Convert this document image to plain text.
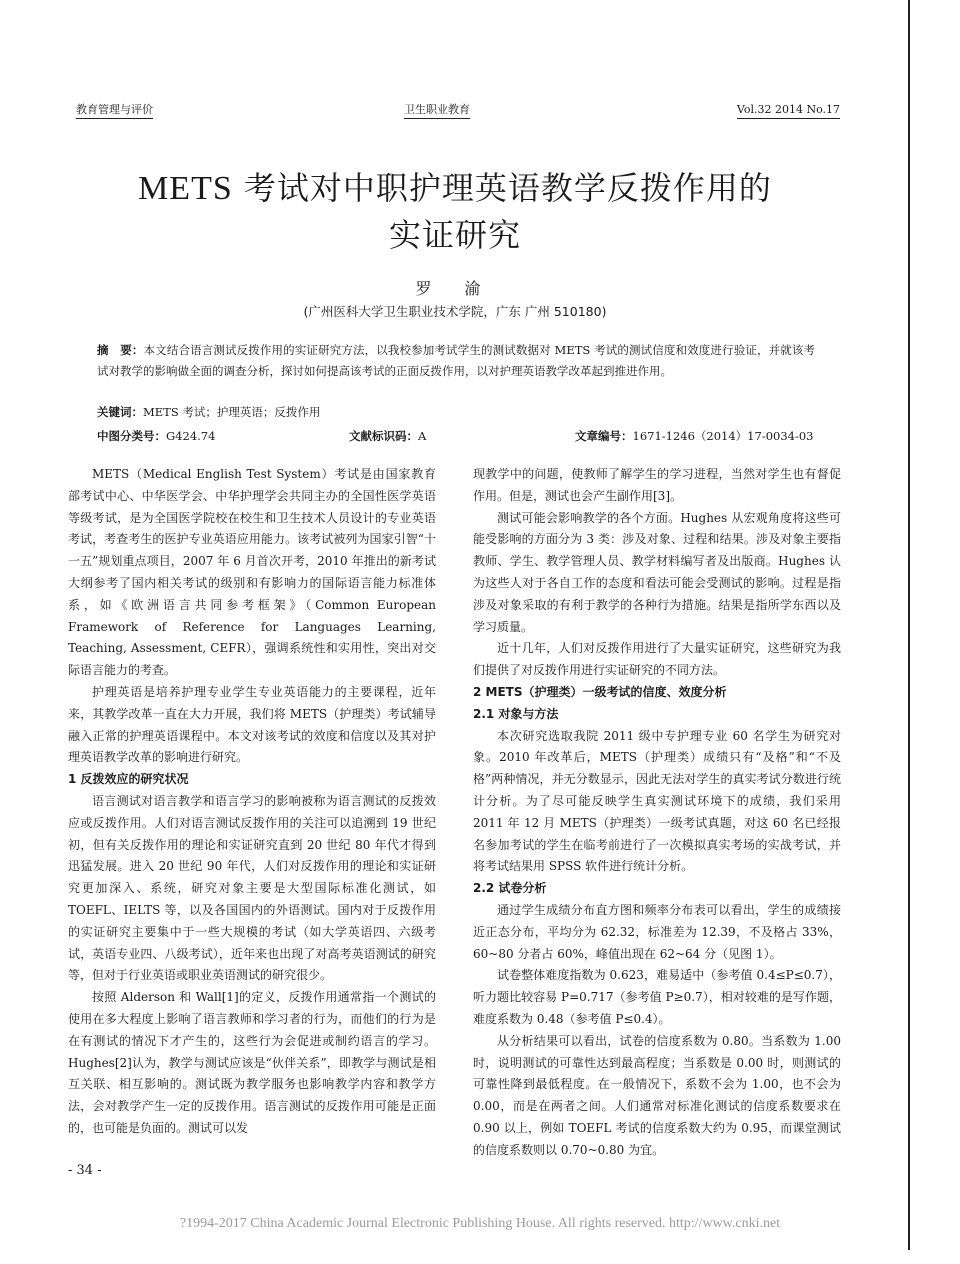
教育管理与评价	卫生职业教育	Vol.32 2014 No.17
METS 考试对中职护理英语教学反拨作用的
实证研究
罗 渝
(广州医科大学卫生职业技术学院，广东 广州 510180)
摘　要：本文结合语言测试反拨作用的实证研究方法，以我校参加考试学生的测试数据对 METS 考试的测试信度和效度进行验证，并就该考试对教学的影响做全面的调查分析，探讨如何提高该考试的正面反拨作用，以对护理英语教学改革起到推进作用。
关键词：METS 考试；护理英语；反拨作用
中图分类号：G424.74	文献标识码：A	文章编号：1671-1246（2014）17-0034-03

METS（Medical English Test System）考试是由国家教育部考试中心、中华医学会、中华护理学会共同主办的全国性医学英语等级考试，是为全国医学院校在校生和卫生技术人员设计的专业英语考试，考查考生的医护专业英语应用能力。该考试被列为国家引智“十一五”规划重点项目，2007 年 6 月首次开考，2010 年推出的新考试大纲参考了国内相关考试的级别和有影响力的国际语言能力标准体系，如《欧洲语言共同参考框架》（Common European Framework of Reference for Languages Learning, Teaching, Assessment, CEFR），强调系统性和实用性，突出对交际语言能力的考查。

护理英语是培养护理专业学生专业英语能力的主要课程，近年来，其教学改革一直在大力开展，我们将 METS（护理类）考试辅导融入正常的护理英语课程中。本文对该考试的效度和信度以及其对护理英语教学改革的影响进行研究。

1 反拨效应的研究状况

语言测试对语言教学和语言学习的影响被称为语言测试的反拨效应或反拨作用。人们对语言测试反拨作用的关注可以追溯到 19 世纪初，但有关反拨作用的理论和实证研究直到 20 世纪 80 年代才得到迅猛发展。进入 20 世纪 90 年代，人们对反拨作用的理论和实证研究更加深入、系统，研究对象主要是大型国际标准化测试，如 TOEFL、IELTS 等，以及各国国内的外语测试。国内对于反拨作用的实证研究主要集中于一些大规模的考试（如大学英语四、六级考试，英语专业四、八级考试），近年来也出现了对高考英语测试的研究等，但对于行业英语或职业英语测试的研究很少。

按照 Alderson 和 Wall[1]的定义，反拨作用通常指一个测试的使用在多大程度上影响了语言教师和学习者的行为，而他们的行为是在有测试的情况下才产生的，这些行为会促进或制约语言的学习。Hughes[2]认为，教学与测试应该是“伙伴关系”，即教学与测试是相互关联、相互影响的。测试既为教学服务也影响教学内容和教学方法，会对教学产生一定的反拨作用。语言测试的反拨作用可能是正面的，也可能是负面的。测试可以发

现教学中的问题，使教师了解学生的学习进程，当然对学生也有督促作用。但是，测试也会产生副作用[3]。

测试可能会影响教学的各个方面。Hughes 从宏观角度将这些可能受影响的方面分为 3 类：涉及对象、过程和结果。涉及对象主要指教师、学生、教学管理人员、教学材料编写者及出版商。Hughes 认为这些人对于各自工作的态度和看法可能会受测试的影响。过程是指涉及对象采取的有利于教学的各种行为措施。结果是指所学东西以及学习质量。

近十几年，人们对反拨作用进行了大量实证研究，这些研究为我们提供了对反拨作用进行实证研究的不同方法。

2 METS（护理类）一级考试的信度、效度分析

2.1 对象与方法

本次研究选取我院 2011 级中专护理专业 60 名学生为研究对象。2010 年改革后，METS（护理类）成绩只有“及格”和“不及格”两种情况，并无分数显示，因此无法对学生的真实考试分数进行统计分析。为了尽可能反映学生真实测试环境下的成绩，我们采用 2011 年 12 月 METS（护理类）一级考试真题，对这 60 名已经报名参加考试的学生在临考前进行了一次模拟真实考场的实战考试，并将考试结果用 SPSS 软件进行统计分析。

2.2 试卷分析

通过学生成绩分布直方图和频率分布表可以看出，学生的成绩接近正态分布，平均分为 62.32，标准差为 12.39，不及格占 33%，60~80 分者占 60%，峰值出现在 62~64 分（见图 1）。

试卷整体难度指数为 0.623，难易适中（参考值 0.4≤P≤0.7），听力题比较容易 P=0.717（参考值 P≥0.7），相对较难的是写作题，难度系数为 0.48（参考值 P≤0.4）。

从分析结果可以看出，试卷的信度系数为 0.80。当系数为 1.00 时，说明测试的可靠性达到最高程度；当系数是 0.00 时，则测试的可靠性降到最低程度。在一般情况下，系数不会为 1.00，也不会为 0.00，而是在两者之间。人们通常对标准化测试的信度系数要求在 0.90 以上，例如 TOEFL 考试的信度系数大约为 0.95，而课堂测试的信度系数则以 0.70~0.80 为宜。

- 34 -
?1994-2017 China Academic Journal Electronic Publishing House. All rights reserved. http://www.cnki.net
